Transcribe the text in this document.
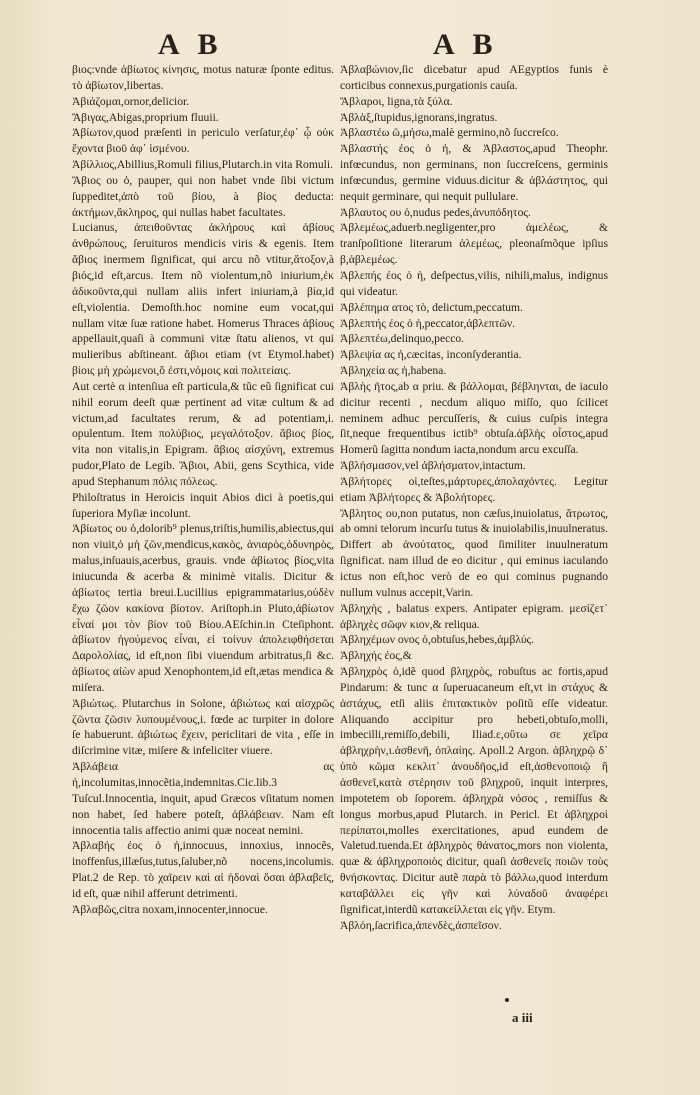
A B	A B

βιος:vnde ἀβίωτος κίνησις, motus naturæ ſponte editus. τὸ ἀβίωτον,libertas.

Ἀβιάζομαι,ornor,delicior.

Ἄβιγας,Abigas,proprium fluuii.

Ἀβίωτον,quod præſenti in periculo verſatur,ἐφ᾽ ᾧ οὐκ ἔχοντα βιοῦ ἀφ᾽ ἱσμένου.

Ἀβίλλιος,Abillius,Romuli filius,Plutarch.in vita Romuli.

Ἄβιος ου ὁ, pauper, qui non habet vnde ſibi victum ſuppeditet,ἀπὸ τοῦ βίου, à βίος deducta: ἀκτήμων,ἄκληρος, qui nullas habet facultates.

Lucianus, ἀπειθοῦντας ἀκλήρους καὶ ἀβίους ἀνθρώπους, ſeruituros mendicis viris & egenis. Item ἄβιος inermem ſignificat, qui arcu nõ vtitur,ἄτοξον,à βιός,id eſt,arcus. Item nõ violentum,nõ iniurium,ἐκ ἀδικοῦντα,qui nullam aliis infert iniuriam,à βία,id eſt,violentia. Demoſth.hoc nomine eum vocat,qui nullam vitæ ſuæ ratione habet. Homerus Thraces ἀβίους appellauit,quaſi à communi vitæ ſtatu alienos, vt qui mulieribus abſtineant. ἄβιοι etiam (vt Etymol.habet) βίοις μὴ χρώμενοι,ὅ ἐστι,νόμοις καὶ πολιτείαις.

Aut certè α intenſiua eſt particula,& tũc eũ ſignificat cui nihil eorum deeſt quæ pertinent ad vitæ cultum & ad victum,ad facultates rerum, & ad potentiam,i. opulentum. Item πολύβιος, μεγαλότοξον. ἄβιος βίος, vita non vitalis,in Epigram. ἄβιος αἰσχύνη, extremus pudor,Plato de Legib. Ἄβιοι, Abii, gens Scythica, vide apud Stephanum πόλις πόλεως.

Philoſtratus in Heroicis inquit Abios dici à poetis,qui ſuperiora Myſiæ incolunt.

Ἀβίωτος ου ὁ,dolorib⁹ plenus,triſtis,humilis,abiectus,qui non viuit,ὁ μὴ ζῶν,mendicus,κακὸς, ἀνιαρὸς,ὀδυνηρὸς, malus,inſuauis,acerbus, grauis. vnde ἀβίωτος βίος,vita iniucunda & acerba & minimè vitalis. Dicitur & ἀβίωτος tertia breui.Lucillius epigrammatarius,οὐδὲν ἔχω ζῶον κακίονα βίοτον. Ariſtoph.in Pluto,ἀβίωτον εἶναί μοι τὸν βίον τοῦ Βίου.AEſchin.in Cteſiphont. ἀβίωτον ἡγούμενος εἶναι, εἰ τοίνυν ἀπολειφθήσεται Δαρολολίας, id eſt,non ſibi viuendum arbitratus,ſi &c. ἀβίωτος αἰὼν apud Xenophontem,id eſt,ætas mendica & miſera.

Ἀβιώτως. Plutarchus in Solone, ἀβιώτως καὶ αἰσχρῶς ζῶντα ζῶσιν λυπουμένους,i. fœde ac turpiter in dolore ſe habuerunt. ἀβιώτως ἔχειν, periclitari de vita , eſſe in diſcrimine vitæ, miſere & infeliciter viuere.

Ἀβλάβεια ας ἡ,incolumitas,innocẽtia,indemnitas.Cic.lib.3 Tuſcul.Innocentia, inquit, apud Græcos vſitatum nomen non habet, ſed habere poteſt, ἀβλάβειαν. Nam eſt innocentia talis affectio animi quæ noceat nemini.

Ἀβλαβής έος ὁ ἡ,innocuus, innoxius, innocẽs, inoffenſus,illæſus,tutus,ſaluber,nõ nocens,incolumis. Plat.2 de Rep. τὸ χαῖρειν καὶ αἱ ἡδοναὶ ὅσαι ἀβλαβεῖς, id eſt, quæ nihil afferunt detrimenti.

Ἀβλαβῶς,citra noxam,innocenter,innocue.

Ἀβλαβώνιον,ſic dicebatur apud AEgyptios funis è corticibus connexus,purgationis cauſa.

Ἄβλαροι, ligna,τὰ ξύλα.

Ἀβλὰξ,ſtupidus,ignorans,ingratus.

Ἀβλαστέω ῶ,μήσω,malè germino,nõ ſuccreſco.

Ἀβλαστής έος ὁ ἡ, & Ἀβλαστος,apud Theophr. infœcundus, non germinans, non ſuccreſcens, germinis infœcundus, germine viduus.dicitur & ἀβλάστητος, qui nequit germinare, qui nequit pullulare.

Ἀβλαυτος ου ὁ,nudus pedes,ἀνυπόδητος.

Ἀβλεμέως,aduerb.negligenter,pro ἀμελέως, & tranſpoſitione literarum ἀλεμέως, pleonaſmõque ipſius β,ἀβλεμέως.

Ἀβλεπής έος ὁ ἡ, deſpectus,vilis, nihili,malus, indignus qui videatur.

Ἀβλέπημα ατος τὸ, delictum,peccatum.

Ἀβλεπτής έος ὁ ἡ,peccator,ἀβλεπτῶν.

Ἀβλεπτέω,delinquo,pecco.

Ἀβλεψία ας ἡ,cæcitas, inconſyderantia.

Ἀβληχεία ας ἡ,habena.

Ἀβλὴς ῆτος,ab α priu. & βάλλομαι, βέβληνται, de iaculo dicitur recenti , necdum aliquo miſſo, quo ſcilicet neminem adhuc percuſſeris, & cuius cuſpis integra ſit,neque frequentibus ictib⁹ obtuſa.ἀβλὴς οἶστος,apud Homerũ ſagitta nondum iacta,nondum arcu excuſſa.

Ἀβλήσμασον,vel ἀβλήσματον,intactum.

Ἀβλήτορες οἱ,teſtes,μάρτυρες,ἀπολαχόντες. Legitur etiam Ἀβλήτορες & Ἀβολήτορες.

Ἄβλητος ου,non putatus, non cæſus,inuiolatus, ἄτρωτος, ab omni telorum incurſu tutus & inuiolabilis,inuulneratus. Differt ab ἀνούτατος, quod ſimiliter inuulneratum ſignificat. nam illud de eo dicitur , qui eminus iaculando ictus non eſt,hoc verò de eo qui cominus pugnando nullum vulnus accepit,Varin.

Ἀβληχὴς , balatus expers. Antipater epigram. μεσίζετ᾽ ἀβληχὲς σῶφν κιον,& reliqua.

Ἀβληχέμων ονος ὁ,obtuſus,hebes,ἀμβλύς.

Ἀβληχής έος,&

Ἀβληχρὸς ὁ,idẽ quod βληχρὸς, robuſtus ac fortis,apud Pindarum: & tunc α ſuperuacaneum eſt,vt in στάχυς & ἀστάχυς, etſi aliis ἐπιτακτικὸν poſitũ eſſe videatur. Aliquando accipitur pro hebeti,obtuſo,molli, imbecilli,remiſſo,debili, Iliad.ε,οὕτω σε χεῖρα ἀβληχρὴν,ι.ἀσθενῆ, ὁπλαίης. Apoll.2 Argon. ἀβληχρῷ δ᾽ ὑπὸ κῶμα κεκλιτ᾽ ἀνουδῆος,id eſt,ἀσθενοποιῷ ἢ ἀσθενεῖ,κατὰ στέρησιν τοῦ βληχροῦ, inquit interpres, impotetem ob ſoporem. ἀβληχρὰ νόσος , remiſſus & longus morbus,apud Plutarch. in Pericl. Et ἀβληχροὶ περίπατοι,molles exercitationes, apud eundem de Valetud.tuenda.Et ἀβληχρὸς θάνατος,mors non violenta, quæ & ἀβληχροποιὸς dicitur, quaſi ἀσθενεῖς ποιῶν τοὺς θνήσκοντας. Dicitur autẽ παρὰ τὸ βάλλω,quod interdum καταβάλλει εἰς γῆν καὶ λύναδοῦ ἀναφέρει ſignificat,interdũ κατακείλλεται εἰς γῆν. Etym.

Ἀβλόη,ſacrifica,ἀπενδὲς,ἀσπεῖσον.

a iii
